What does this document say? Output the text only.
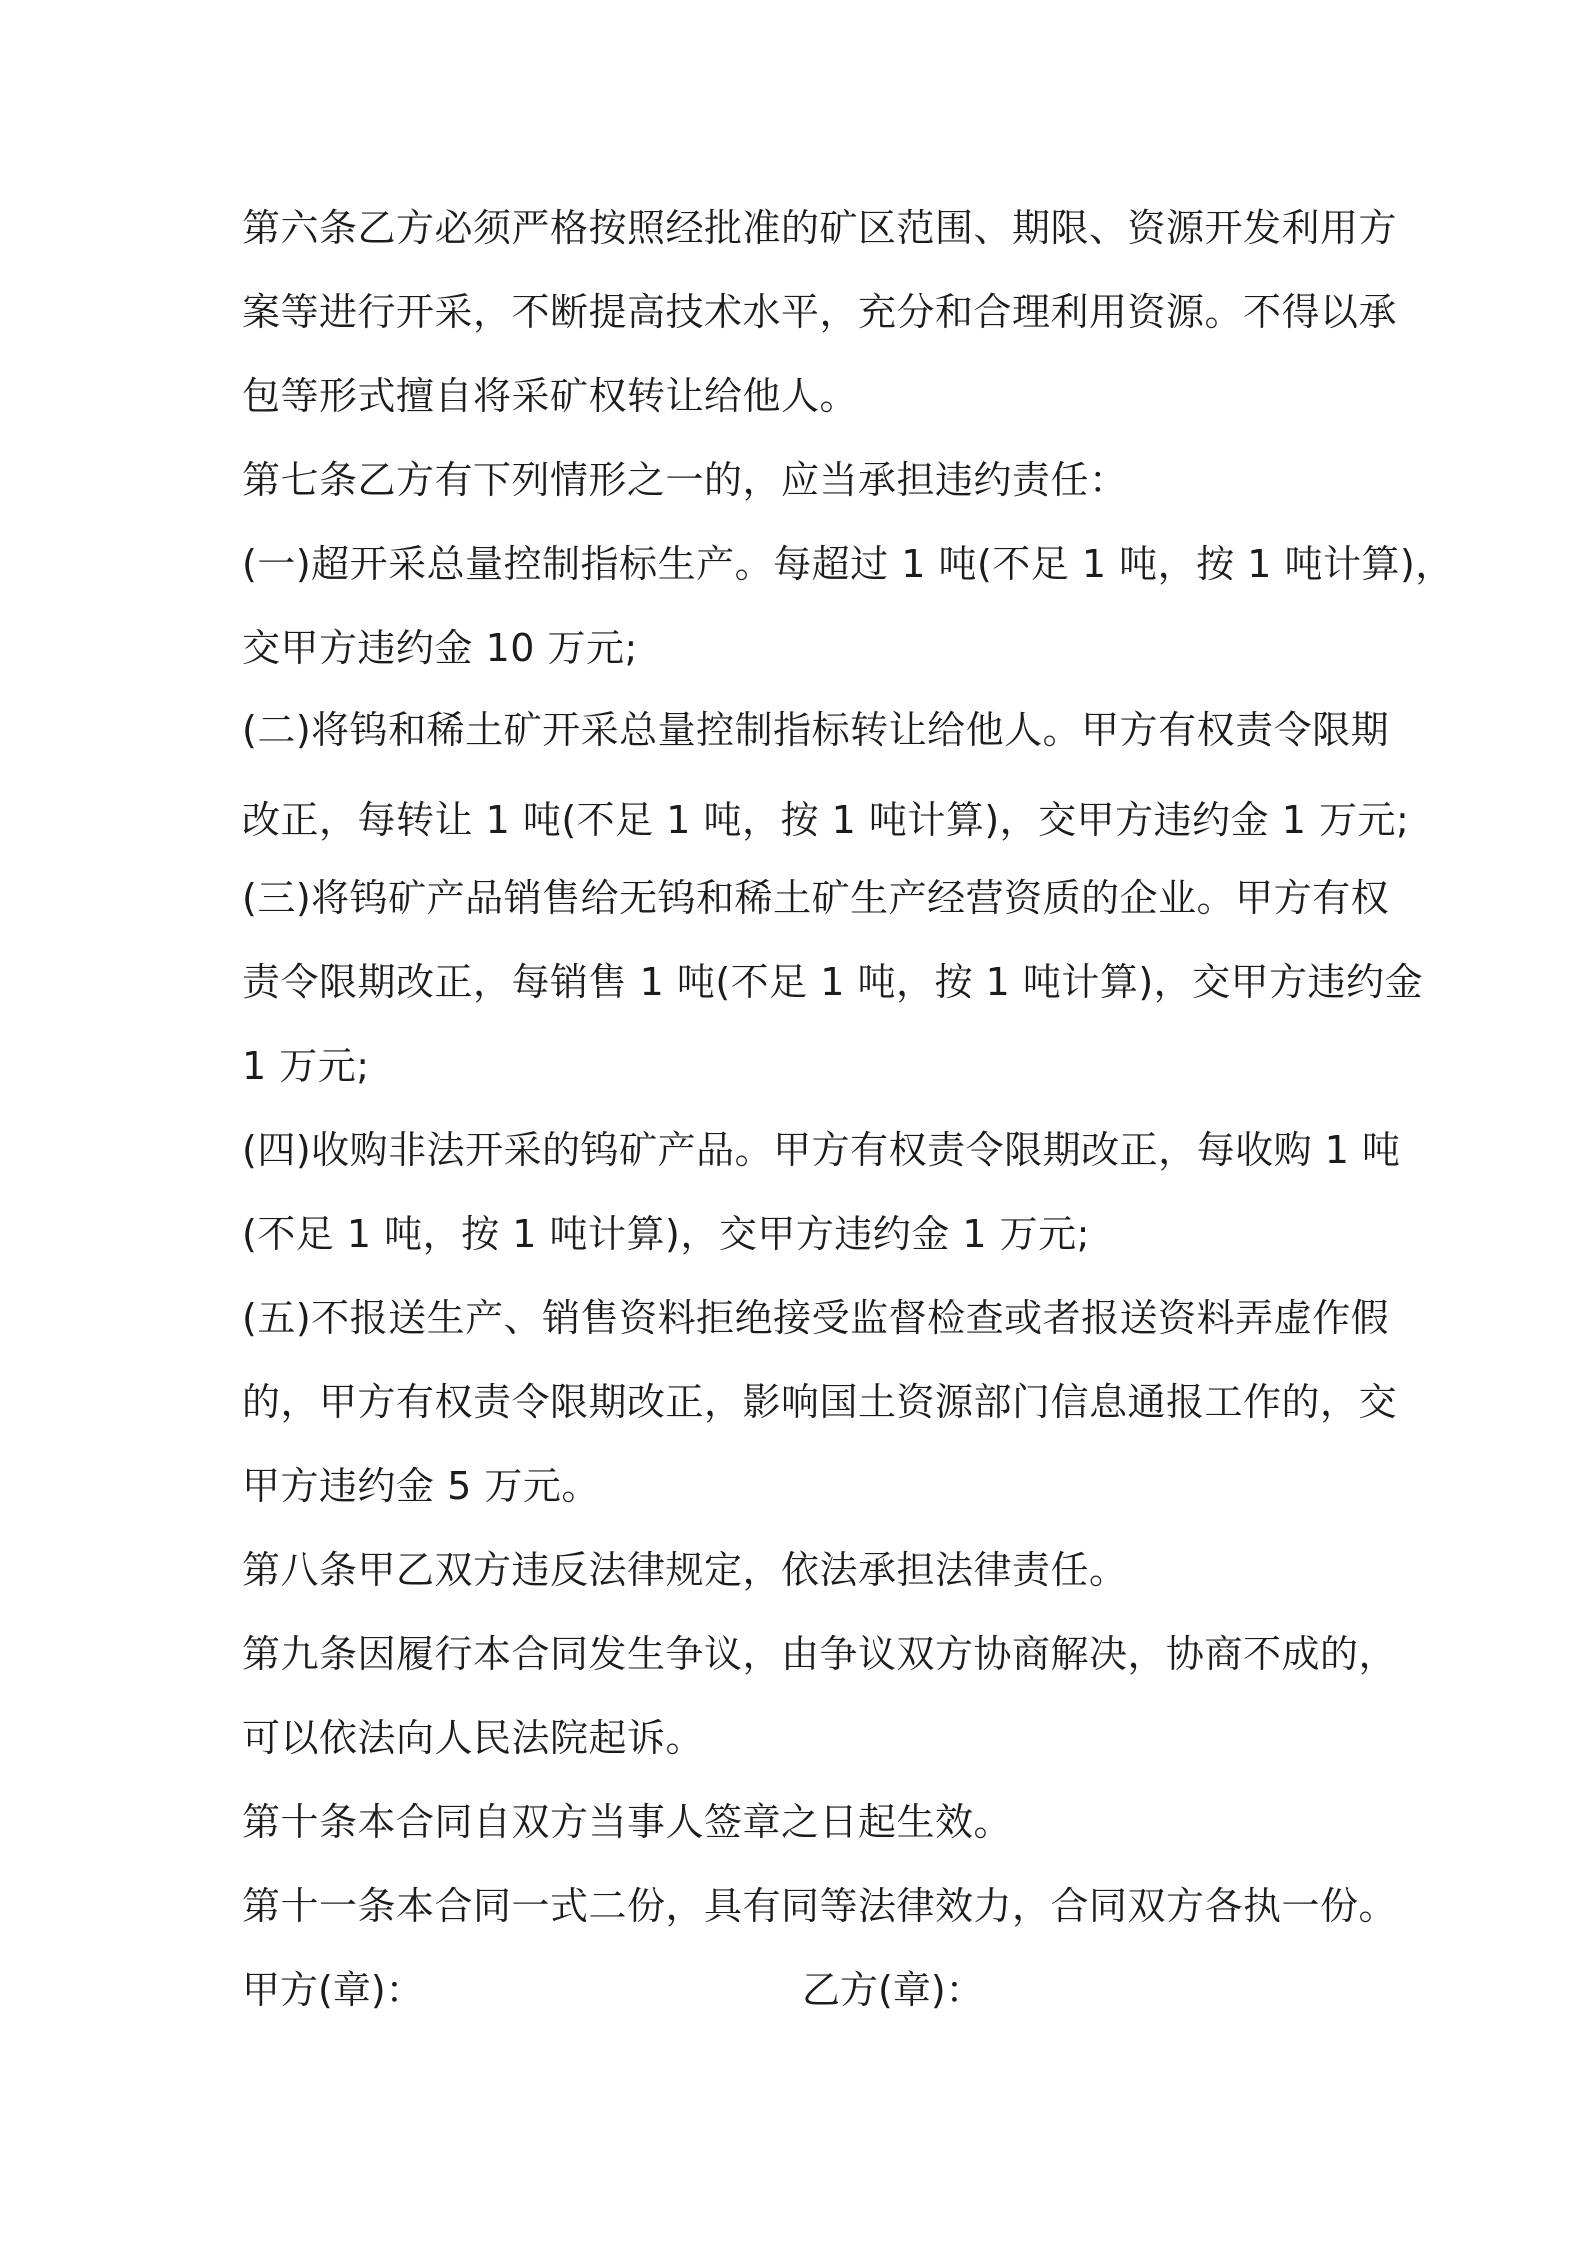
第六条乙方必须严格按照经批准的矿区范围、期限、资源开发利用方
案等进行开采，不断提高技术水平，充分和合理利用资源。不得以承
包等形式擅自将采矿权转让给他人。
第七条乙方有下列情形之一的，应当承担违约责任：
(一)超开采总量控制指标生产。每超过 1 吨(不足 1 吨，按 1 吨计算)，
交甲方违约金 10 万元;
(二)将钨和稀土矿开采总量控制指标转让给他人。甲方有权责令限期
改正，每转让 1 吨(不足 1 吨，按 1 吨计算)，交甲方违约金 1 万元;
(三)将钨矿产品销售给无钨和稀土矿生产经营资质的企业。甲方有权
责令限期改正，每销售 1 吨(不足 1 吨，按 1 吨计算)，交甲方违约金
1 万元;
(四)收购非法开采的钨矿产品。甲方有权责令限期改正，每收购 1 吨
(不足 1 吨，按 1 吨计算)，交甲方违约金 1 万元;
(五)不报送生产、销售资料拒绝接受监督检查或者报送资料弄虚作假
的，甲方有权责令限期改正，影响国土资源部门信息通报工作的，交
甲方违约金 5 万元。
第八条甲乙双方违反法律规定，依法承担法律责任。
第九条因履行本合同发生争议，由争议双方协商解决，协商不成的，
可以依法向人民法院起诉。
第十条本合同自双方当事人签章之日起生效。
第十一条本合同一式二份，具有同等法律效力，合同双方各执一份。
甲方(章)：	乙方(章)：
